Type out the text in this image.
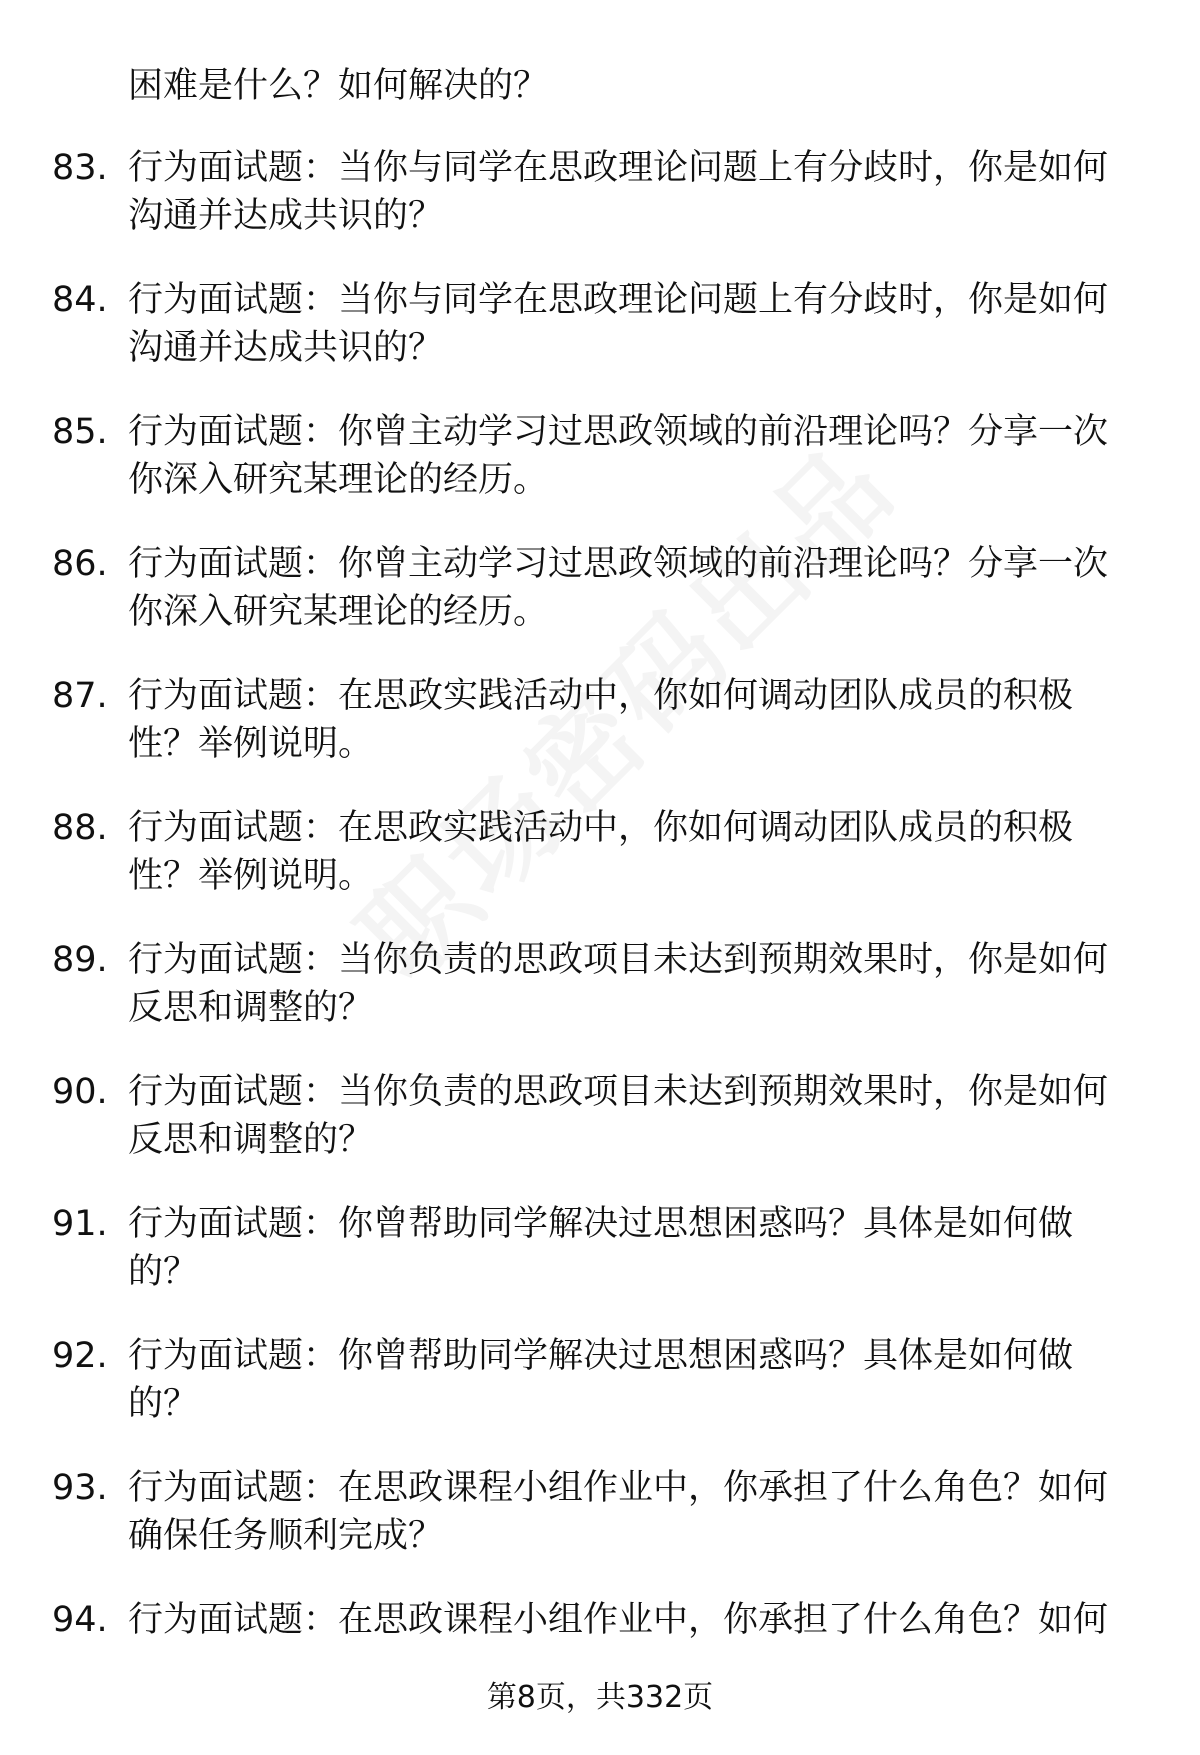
困难是什么？如何解决的？
83. 行为面试题：当你与同学在思政理论问题上有分歧时，你是如何沟通并达成共识的？
84. 行为面试题：当你与同学在思政理论问题上有分歧时，你是如何沟通并达成共识的？
85. 行为面试题：你曾主动学习过思政领域的前沿理论吗？分享一次你深入研究某理论的经历。
86. 行为面试题：你曾主动学习过思政领域的前沿理论吗？分享一次你深入研究某理论的经历。
87. 行为面试题：在思政实践活动中，你如何调动团队成员的积极性？举例说明。
88. 行为面试题：在思政实践活动中，你如何调动团队成员的积极性？举例说明。
89. 行为面试题：当你负责的思政项目未达到预期效果时，你是如何反思和调整的？
90. 行为面试题：当你负责的思政项目未达到预期效果时，你是如何反思和调整的？
91. 行为面试题：你曾帮助同学解决过思想困惑吗？具体是如何做的？
92. 行为面试题：你曾帮助同学解决过思想困惑吗？具体是如何做的？
93. 行为面试题：在思政课程小组作业中，你承担了什么角色？如何确保任务顺利完成？
94. 行为面试题：在思政课程小组作业中，你承担了什么角色？如何
第8页，共332页
